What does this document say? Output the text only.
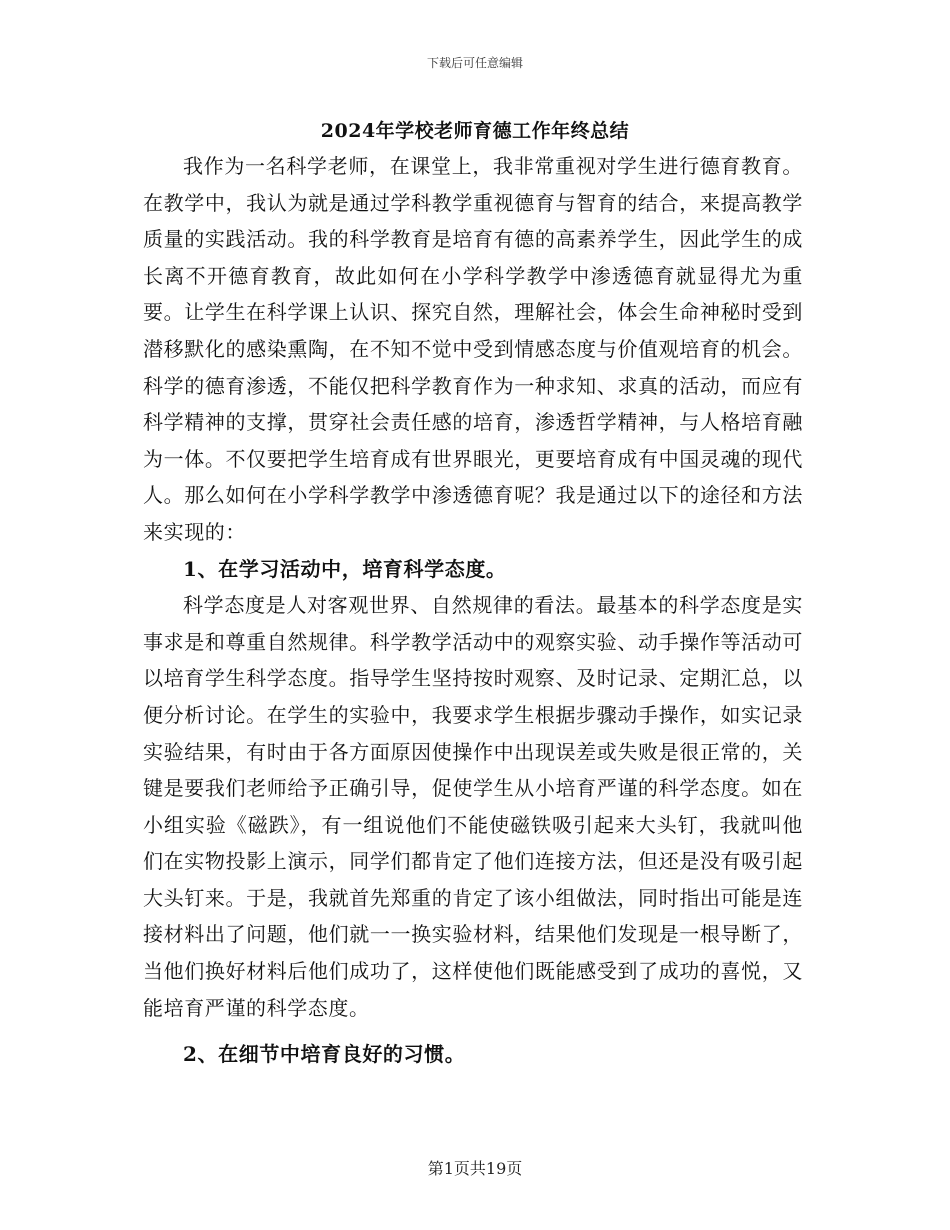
下载后可任意编辑
2024年学校老师育德工作年终总结

我作为一名科学老师，在课堂上，我非常重视对学生进行德育教育。在教学中，我认为就是通过学科教学重视德育与智育的结合，来提高教学质量的实践活动。我的科学教育是培育有德的高素养学生，因此学生的成长离不开德育教育，故此如何在小学科学教学中渗透德育就显得尤为重要。让学生在科学课上认识、探究自然，理解社会，体会生命神秘时受到潜移默化的感染熏陶，在不知不觉中受到情感态度与价值观培育的机会。科学的德育渗透，不能仅把科学教育作为一种求知、求真的活动，而应有科学精神的支撑，贯穿社会责任感的培育，渗透哲学精神，与人格培育融为一体。不仅要把学生培育成有世界眼光，更要培育成有中国灵魂的现代人。那么如何在小学科学教学中渗透德育呢？我是通过以下的途径和方法来实现的：

1、在学习活动中，培育科学态度。

科学态度是人对客观世界、自然规律的看法。最基本的科学态度是实事求是和尊重自然规律。科学教学活动中的观察实验、动手操作等活动可以培育学生科学态度。指导学生坚持按时观察、及时记录、定期汇总，以便分析讨论。在学生的实验中，我要求学生根据步骤动手操作，如实记录实验结果，有时由于各方面原因使操作中出现误差或失败是很正常的，关键是要我们老师给予正确引导，促使学生从小培育严谨的科学态度。如在小组实验《磁跌》，有一组说他们不能使磁铁吸引起来大头钉，我就叫他们在实物投影上演示，同学们都肯定了他们连接方法，但还是没有吸引起大头钉来。于是，我就首先郑重的肯定了该小组做法，同时指出可能是连接材料出了问题，他们就一一换实验材料，结果他们发现是一根导断了，当他们换好材料后他们成功了，这样使他们既能感受到了成功的喜悦，又能培育严谨的科学态度。

2、在细节中培育良好的习惯。

第1页共19页
